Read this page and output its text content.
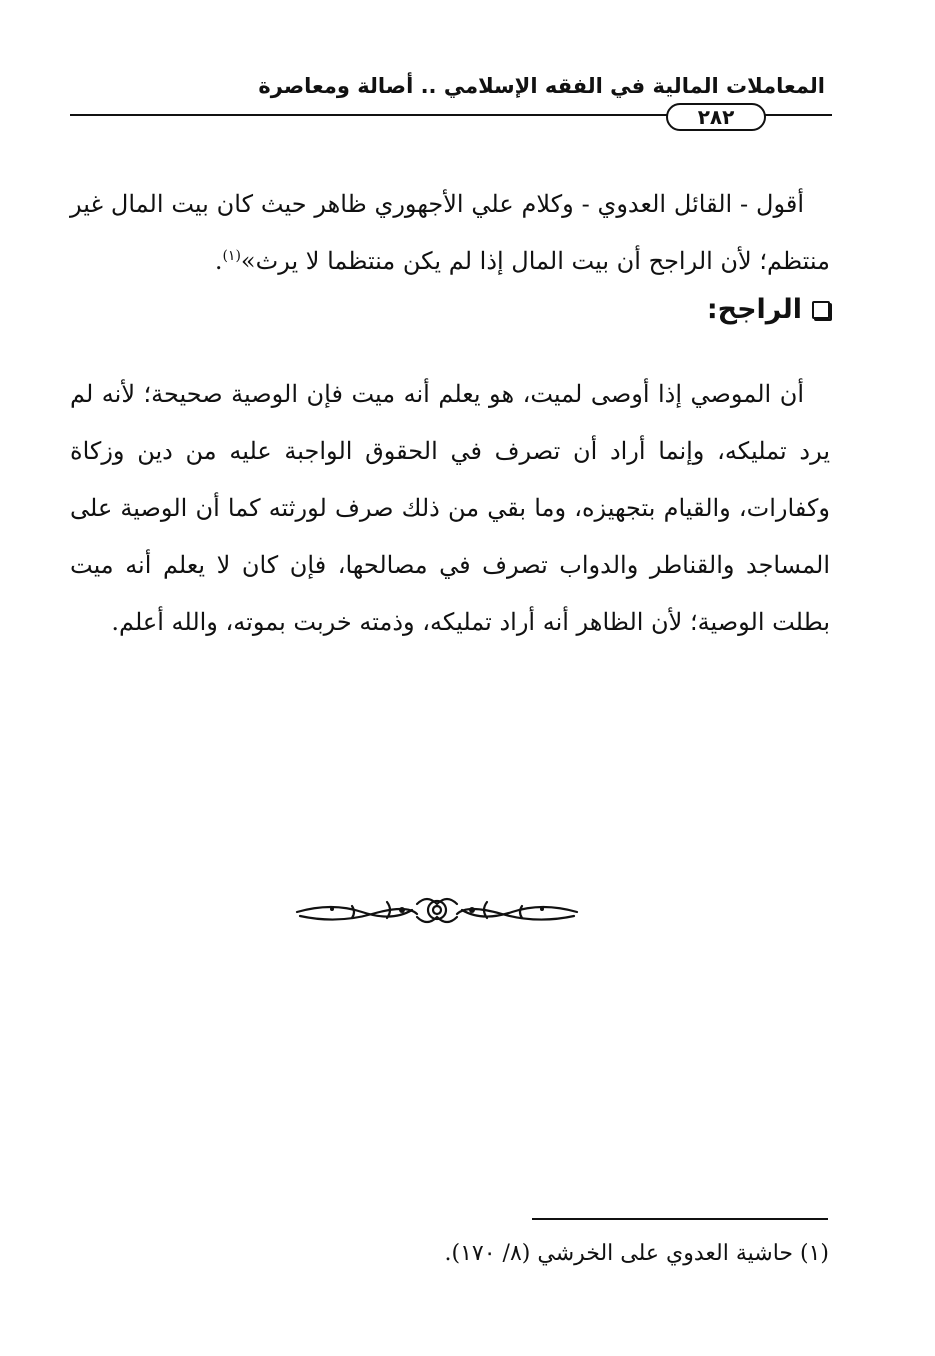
المعاملات المالية في الفقه الإسلامي .. أصالة ومعاصرة
٢٨٢

أقول - القائل العدوي - وكلام علي الأجهوري ظاهر حيث كان بيت المال غير منتظم؛ لأن الراجح أن بيت المال إذا لم يكن منتظما لا يرث»$^{(١)}$.

الراجح:

أن الموصي إذا أوصى لميت، هو يعلم أنه ميت فإن الوصية صحيحة؛ لأنه لم يرد تمليكه، وإنما أراد أن تصرف في الحقوق الواجبة عليه من دين وزكاة وكفارات، والقيام بتجهيزه، وما بقي من ذلك صرف لورثته كما أن الوصية على المساجد والقناطر والدواب تصرف في مصالحها، فإن كان لا يعلم أنه ميت بطلت الوصية؛ لأن الظاهر أنه أراد تمليكه، وذمته خربت بموته، والله أعلم.

(١) حاشية العدوي على الخرشي (٨/ ١٧٠).
